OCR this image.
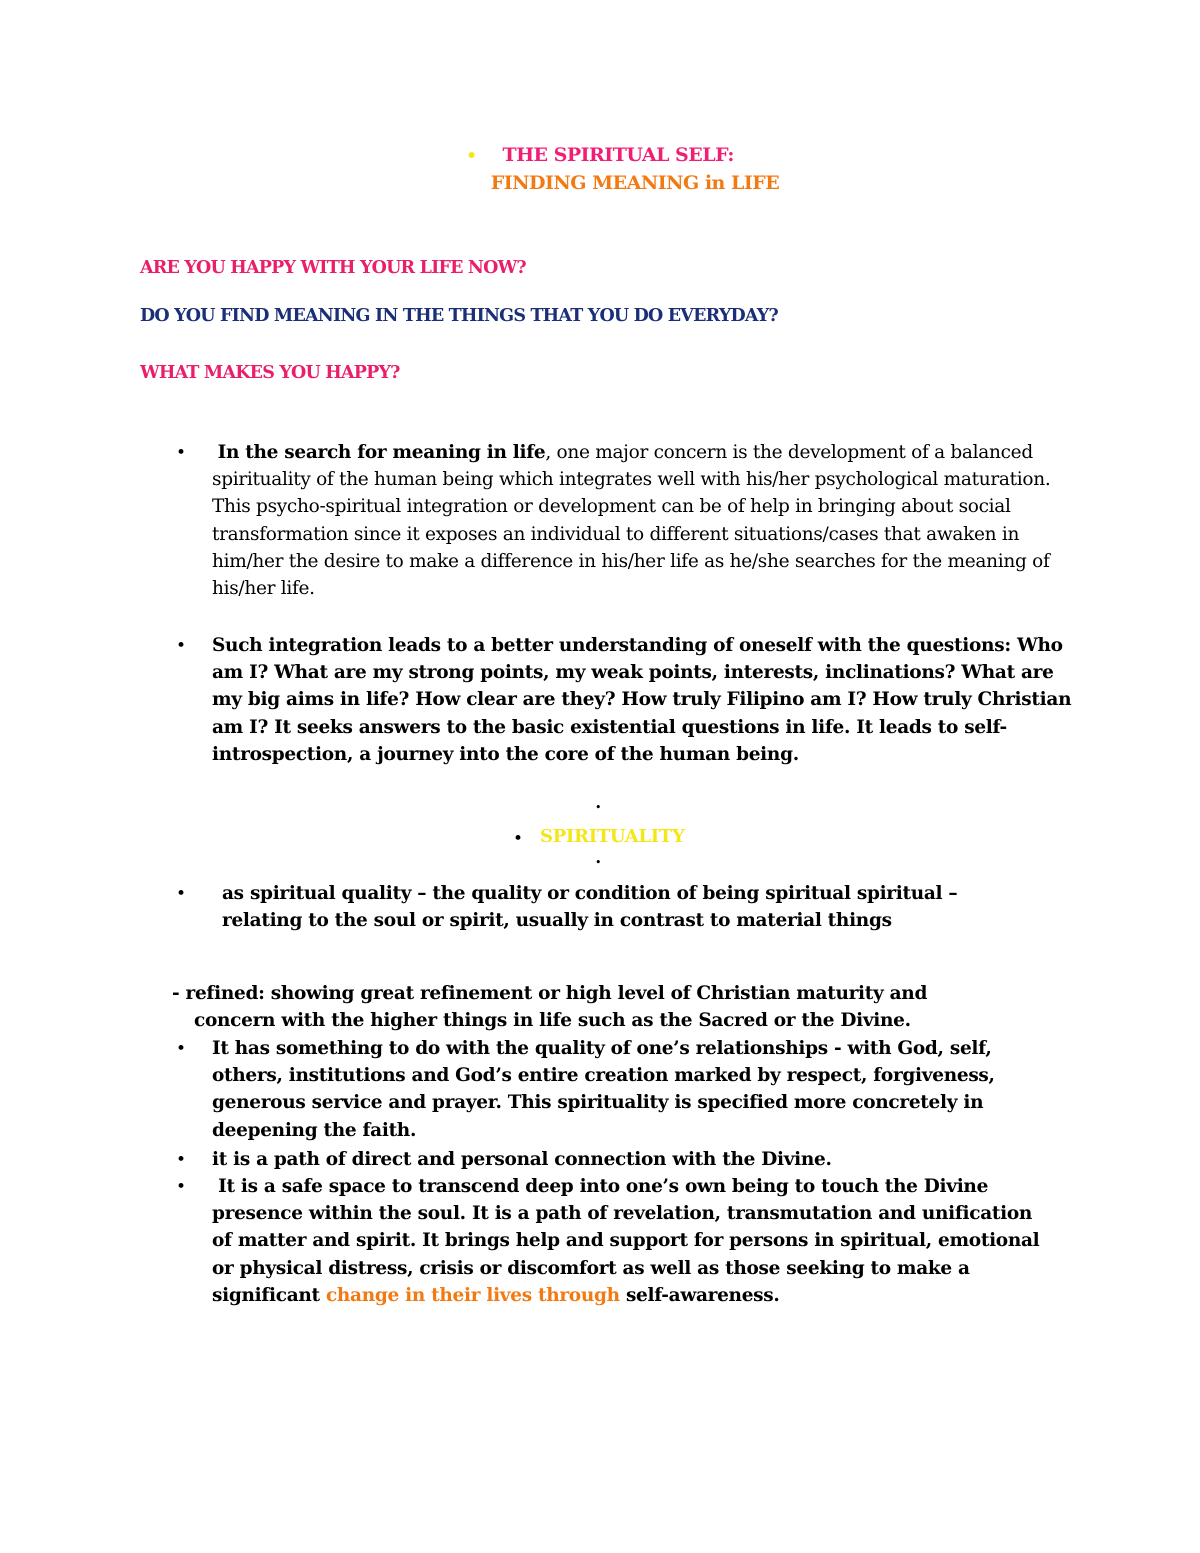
• THE SPIRITUAL SELF:
FINDING MEANING in LIFE
ARE YOU HAPPY WITH YOUR LIFE NOW?
DO YOU FIND MEANING IN THE THINGS THAT YOU DO EVERYDAY?
WHAT MAKES YOU HAPPY?
•	In the search for meaning in life, one major concern is the development of a balanced spirituality of the human being which integrates well with his/her psychological maturation. This psycho-spiritual integration or development can be of help in bringing about social transformation since it exposes an individual to different situations/cases that awaken in him/her the desire to make a difference in his/her life as he/she searches for the meaning of his/her life.
• Such integration leads to a better understanding of oneself with the questions: Who am I? What are my strong points, my weak points, interests, inclinations? What are my big aims in life? How clear are they? How truly Filipino am I? How truly Christian am I? It seeks answers to the basic existential questions in life. It leads to self-introspection, a journey into the core of the human being.
•
• SPIRITUALITY
•
•	as spiritual quality – the quality or condition of being spiritual spiritual – relating to the soul or spirit, usually in contrast to material things
- refined: showing great refinement or high level of Christian maturity and
concern with the higher things in life such as the Sacred or the Divine.
• It has something to do with the quality of one’s relationships - with God, self, others, institutions and God’s entire creation marked by respect, forgiveness, generous service and prayer. This spirituality is specified more concretely in deepening the faith.
• it is a path of direct and personal connection with the Divine.
•	It is a safe space to transcend deep into one’s own being to touch the Divine presence within the soul. It is a path of revelation, transmutation and unification of matter and spirit. It brings help and support for persons in spiritual, emotional or physical distress, crisis or discomfort as well as those seeking to make a significant change in their lives through self-awareness.
